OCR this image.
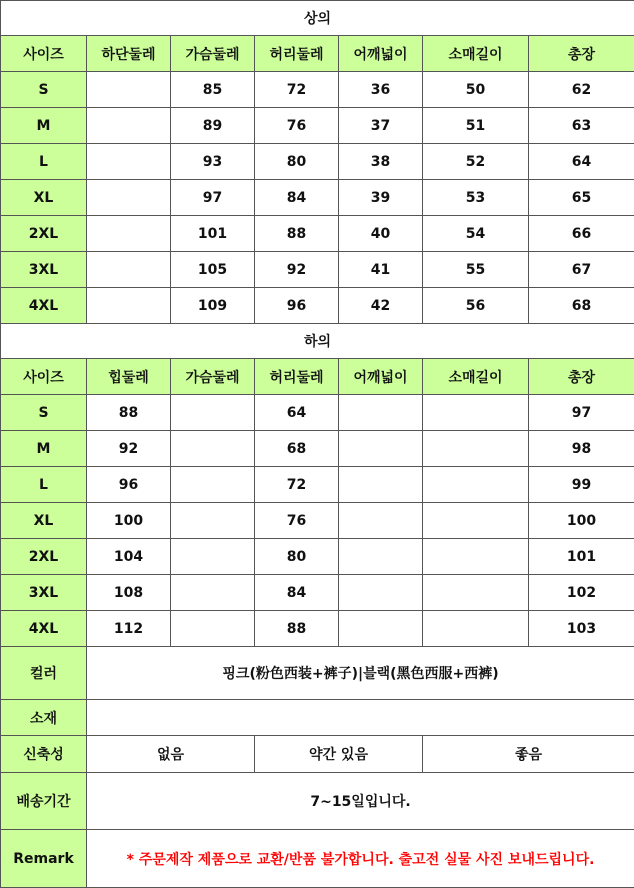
상의						
사이즈	하단둘레	가슴둘레	허리둘레	어깨넓이	소매길이	총장
S		85	72	36	50	62
M		89	76	37	51	63
L		93	80	38	52	64
XL		97	84	39	53	65
2XL		101	88	40	54	66
3XL		105	92	41	55	67
4XL		109	96	42	56	68
하의						
사이즈	힙둘레	가슴둘레	허리둘레	어깨넓이	소매길이	총장
S	88		64			97
M	92		68			98
L	96		72			99
XL	100		76			100
2XL	104		80			101
3XL	108		84			102
4XL	112		88			103
컬러	핑크(粉色西装+裤子)|블랙(黑色西服+西裤)					
소재						
신축성	없음		약간 있음		좋음	
배송기간	7~15일입니다.					
Remark	* 주문제작 제품으로 교환/반품 불가합니다. 출고전 실물 사진 보내드립니다.					
